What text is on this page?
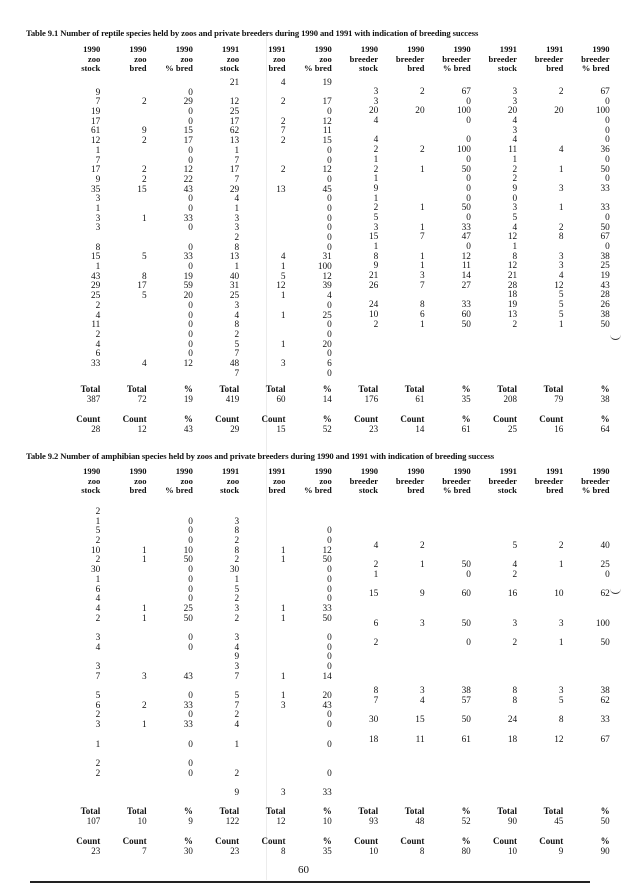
Table 9.1 Number of reptile species held by zoos and private breeders during 1990 and 1991 with indication of breeding success
1990
zoo
stock
1990
zoo
bred
1990
zoo
% bred
1991
zoo
stock
1991
zoo
bred
1990
zoo
% bred
1990
breeder
stock
1990
breeder
bred
1990
breeder
% bred
1991
breeder
stock
1991
breeder
bred
1990
breeder
% bred
9
7
19
17
61
12
1
7
17
9
35
3
1
3
3
8
15
1
43
29
25
2
4
11
2
4
6
33
2
9
2
2
2
15
1
5
8
17
5
4
0
29
0
0
15
17
0
0
12
22
43
0
0
33
0
0
33
0
19
59
20
0
0
0
0
0
0
12
21
12
25
17
62
13
1
7
17
7
29
4
1
3
3
2
8
13
1
40
31
25
3
4
8
2
5
7
48
7
4
2
2
7
2
2
13
4
1
5
12
1
1
1
3
19
17
0
12
11
15
0
0
12
0
45
0
0
0
0
0
0
31
100
12
39
4
0
25
0
0
20
0
6
0
3
3
20
4
4
2
1
2
1
9
1
2
5
3
15
1
8
9
21
26
24
10
2
2
20
2
1
1
1
7
1
1
3
7
8
6
1
67
0
100
0
0
100
0
50
0
0
0
50
0
33
47
0
12
11
14
27
33
60
50
3
3
20
4
3
4
11
1
2
2
9
0
3
5
4
12
1
8
12
21
28
18
19
13
2
2
20
4
1
3
1
2
8
3
3
4
12
5
5
5
1
67
0
100
0
0
0
36
0
50
0
33
33
0
50
67
0
38
25
19
43
28
26
38
50
Total
387
Count
28
Total
72
Count
12
%
19
%
43
Total
419
Count
29
Total
60
Count
15
%
14
%
52
Total
176
Count
23
Total
61
Count
14
%
35
%
61
Total
208
Count
25
Total
79
Count
16
%
38
%
64
Table 9.2 Number of amphibian species held by zoos and private breeders during 1990 and 1991 with indication of breeding success
1990
zoo
stock
1990
zoo
bred
1990
zoo
% bred
1991
zoo
stock
1991
zoo
bred
1990
zoo
% bred
1990
breeder
stock
1990
breeder
bred
1990
breeder
% bred
1991
breeder
stock
1991
breeder
bred
1990
breeder
% bred
2
1
5
2
10
2
30
1
6
4
4
2
3
4
3
7
5
6
2
3
1
2
2
1
1
1
1
3
2
1
0
0
0
10
50
0
0
0
0
25
50
0
0
43
0
33
0
33
0
0
0
3
8
2
8
2
30
1
5
2
3
2
3
4
9
3
7
5
7
2
4
1
2
9
1
1
1
1
1
1
3
3
0
0
12
50
0
0
0
0
33
50
0
0
0
0
14
20
43
0
0
0
0
33
4
2
1
15
6
2
8
7
30
18
2
1
9
3
3
4
15
11
50
0
60
50
0
38
57
50
61
5
4
2
16
3
2
8
8
24
18
2
1
10
3
1
3
5
8
12
40
25
0
62
100
50
38
62
33
67
Total
107
Count
23
Total
10
Count
7
%
9
%
30
Total
122
Count
23
Total
12
Count
8
%
10
%
35
Total
93
Count
10
Total
48
Count
8
%
52
%
80
Total
90
Count
10
Total
45
Count
9
%
50
%
90
60
